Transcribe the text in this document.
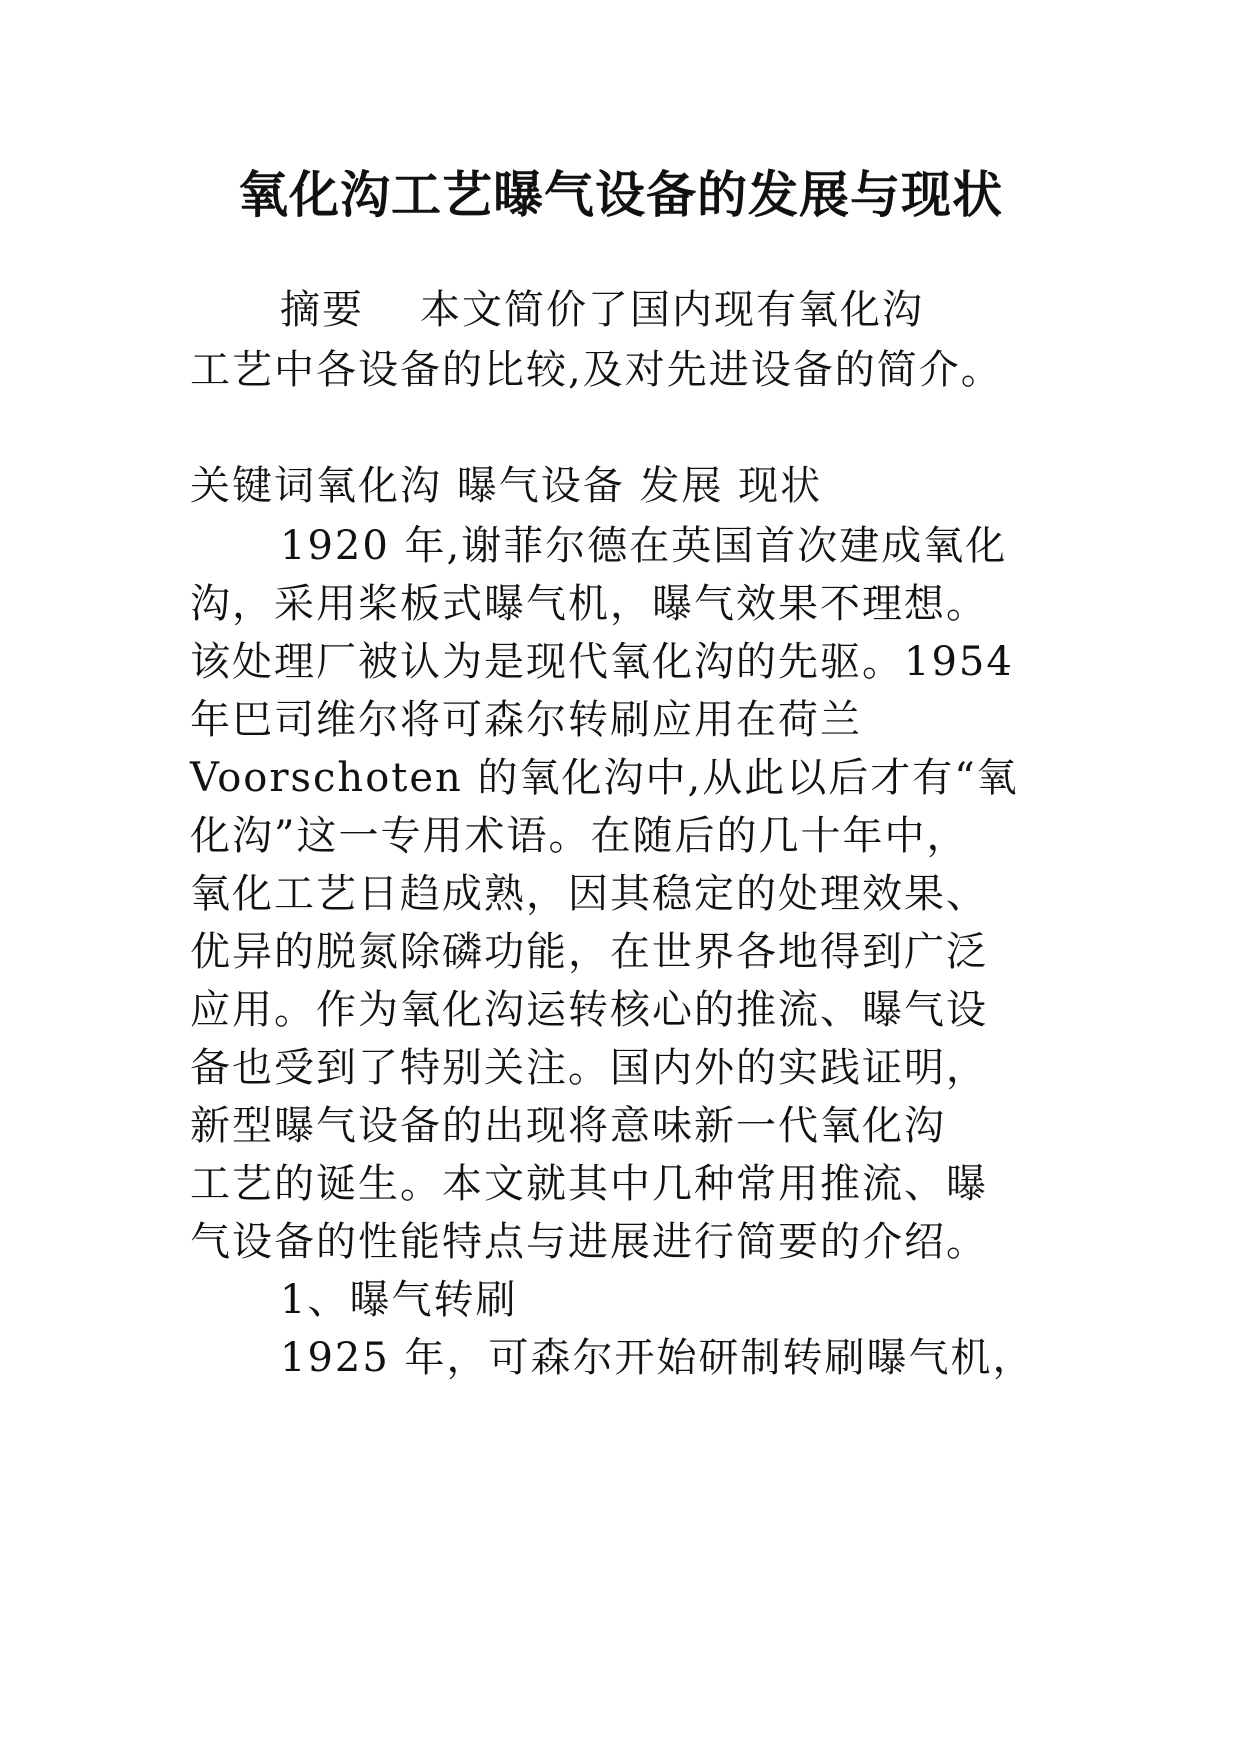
氧化沟工艺曝气设备的发展与现状
摘要 本文简价了国内现有氧化沟
工艺中各设备的比较,及对先进设备的简介。
关键词氧化沟 曝气设备 发展 现状
1920 年,谢菲尔德在英国首次建成氧化
沟，采用桨板式曝气机，曝气效果不理想。
该处理厂被认为是现代氧化沟的先驱。1954
年巴司维尔将可森尔转刷应用在荷兰
Voorschoten 的氧化沟中,从此以后才有“氧
化沟”这一专用术语。在随后的几十年中，
氧化工艺日趋成熟，因其稳定的处理效果、
优异的脱氮除磷功能，在世界各地得到广泛
应用。作为氧化沟运转核心的推流、曝气设
备也受到了特别关注。国内外的实践证明，
新型曝气设备的出现将意味新一代氧化沟
工艺的诞生。本文就其中几种常用推流、曝
气设备的性能特点与进展进行简要的介绍。
1、曝气转刷
1925 年，可森尔开始研制转刷曝气机，
